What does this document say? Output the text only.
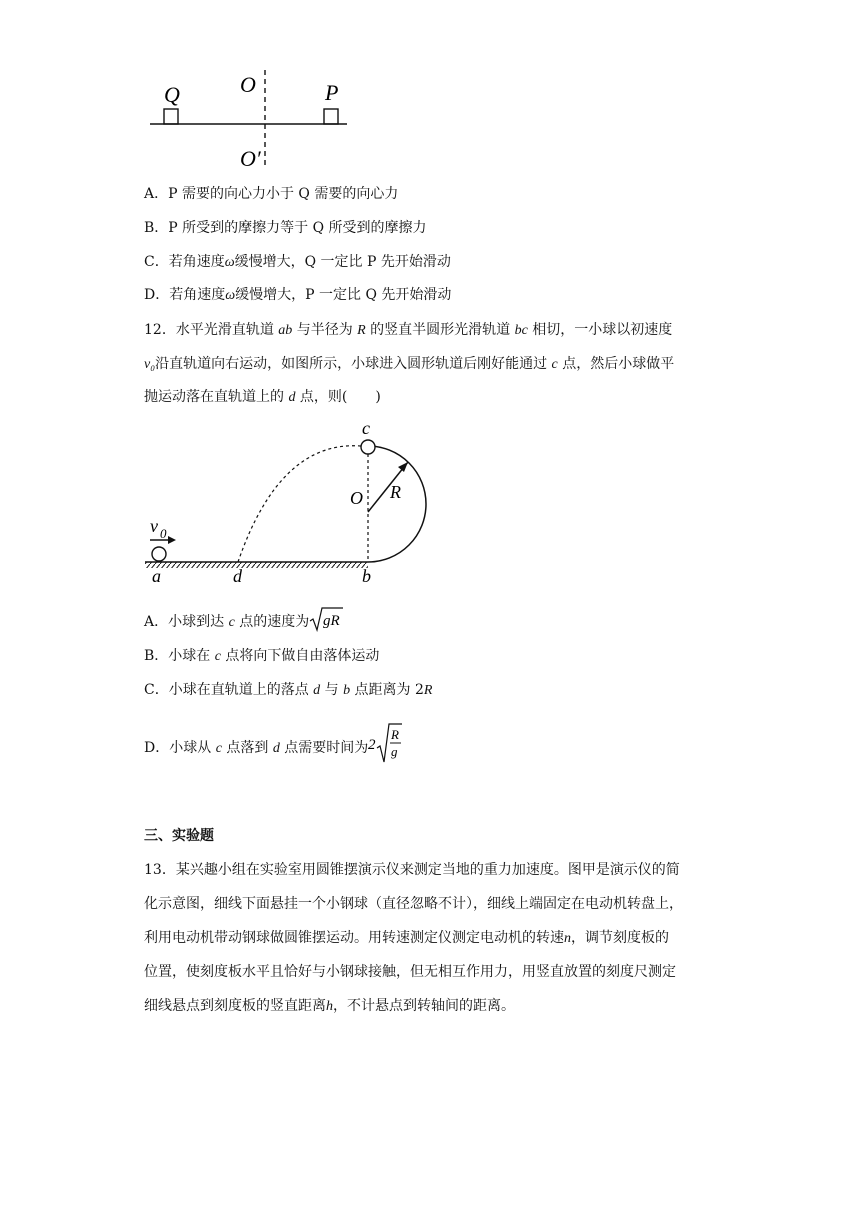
Q	O	P
O′
A．P 需要的向心力小于 Q 需要的向心力
B．P 所受到的摩擦力等于 Q 所受到的摩擦力
C．若角速度ω缓慢增大，Q 一定比 P 先开始滑动
D．若角速度ω缓慢增大，P 一定比 Q 先开始滑动
12．水平光滑直轨道 ab 与半径为 R 的竖直半圆形光滑轨道 bc 相切，一小球以初速度
v₀沿直轨道向右运动，如图所示，小球进入圆形轨道后刚好能通过 c 点，然后小球做平
抛运动落在直轨道上的 d 点，则(　　)
c
O R
v 0
a	d	b
A．小球到达 c 点的速度为 gR
B．小球在 c 点将向下做自由落体运动
C．小球在直轨道上的落点 d 与 b 点距离为 2R
D．小球从 c 点落到 d 点需要时间为 2
R
g
三、实验题
13．某兴趣小组在实验室用圆锥摆演示仪来测定当地的重力加速度。图甲是演示仪的简
化示意图，细线下面悬挂一个小钢球（直径忽略不计），细线上端固定在电动机转盘上，
利用电动机带动钢球做圆锥摆运动。用转速测定仪测定电动机的转速n，调节刻度板的
位置，使刻度板水平且恰好与小钢球接触，但无相互作用力，用竖直放置的刻度尺测定
细线悬点到刻度板的竖直距离h，不计悬点到转轴间的距离。
